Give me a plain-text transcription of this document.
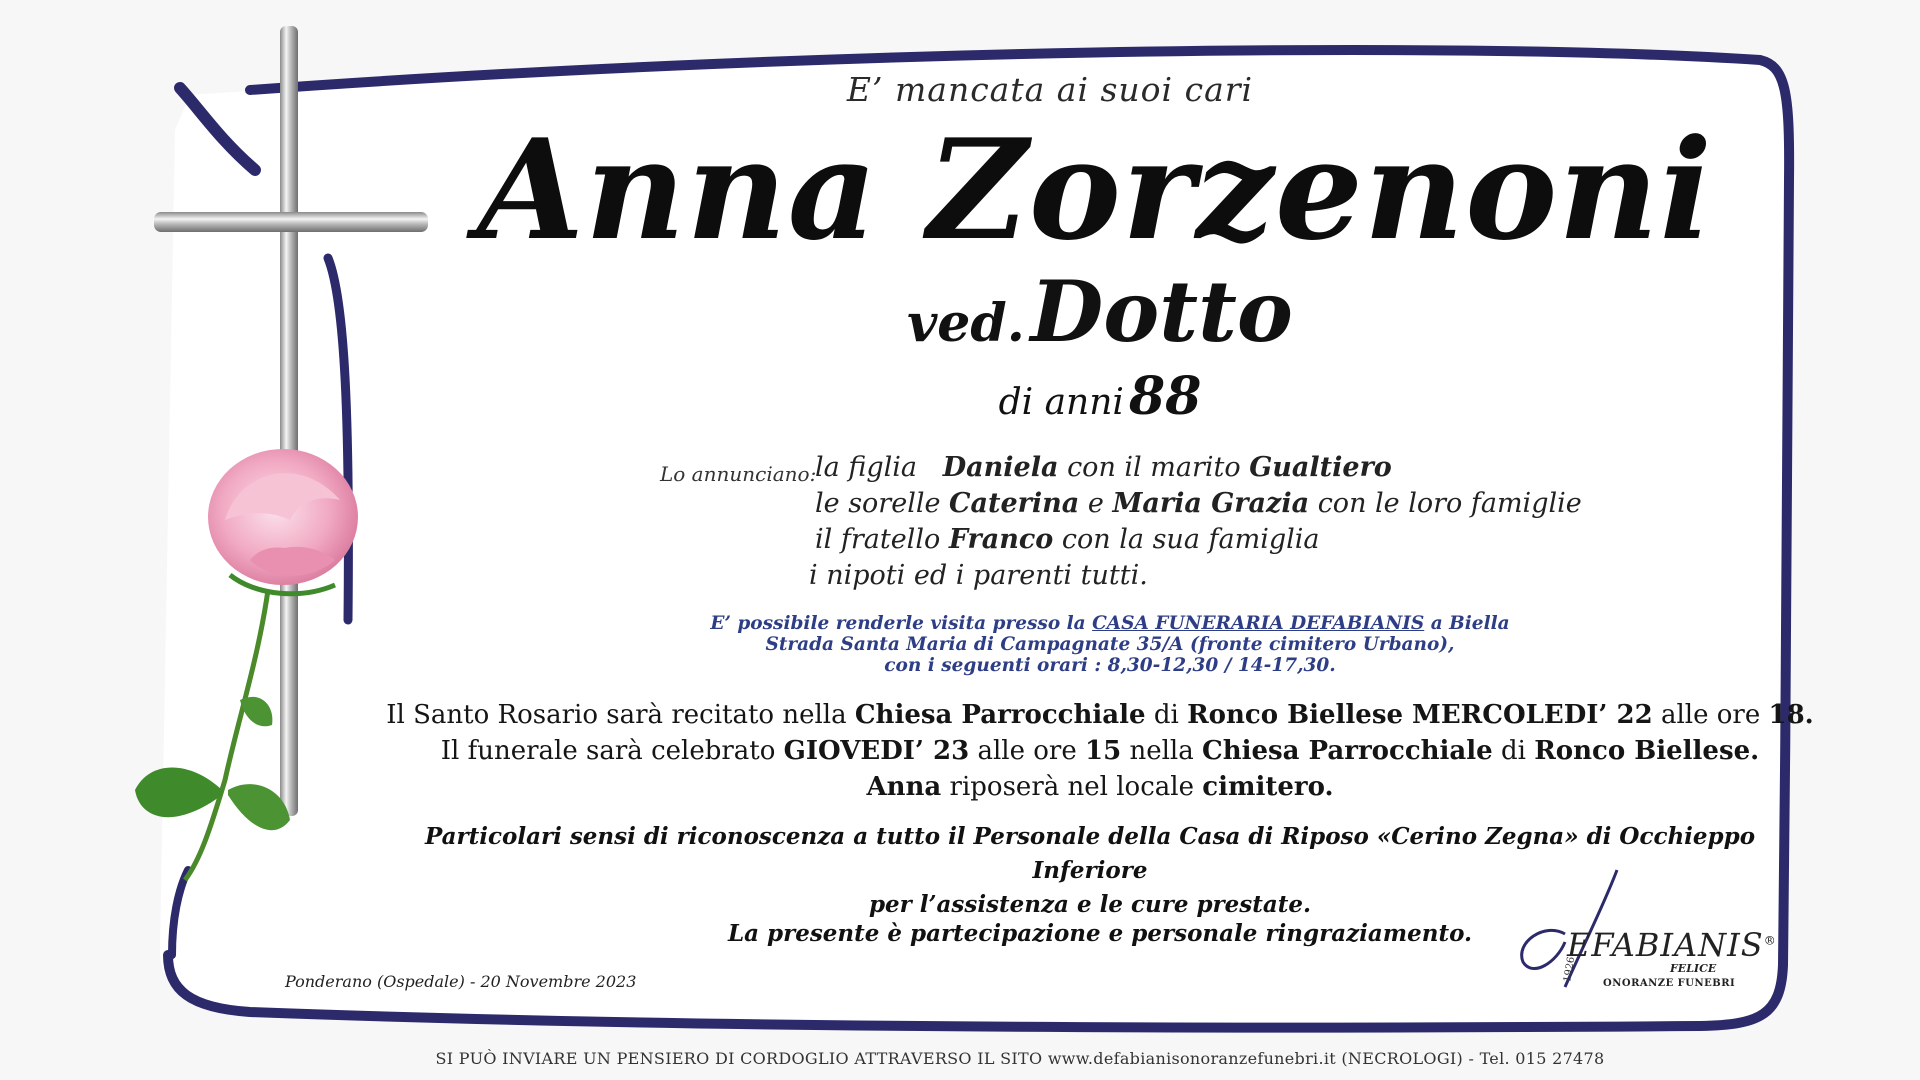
E’ mancata ai suoi cari
Anna Zorzenoni
ved. Dotto
di anni 88
Lo annunciano:
la figlia Daniela con il marito Gualtiero
le sorelle Caterina e Maria Grazia con le loro famiglie
il fratello Franco con la sua famiglia
i nipoti ed i parenti tutti.
E’ possibile renderle visita presso la CASA FUNERARIA DEFABIANIS a Biella
Strada Santa Maria di Campagnate 35/A (fronte cimitero Urbano),
con i seguenti orari : 8,30-12,30 / 14-17,30.
Il Santo Rosario sarà recitato nella Chiesa Parrocchiale di Ronco Biellese MERCOLEDI’ 22 alle ore 18.
Il funerale sarà celebrato GIOVEDI’ 23 alle ore 15 nella Chiesa Parrocchiale di Ronco Biellese.
Anna riposerà nel locale cimitero.
Particolari sensi di riconoscenza a tutto il Personale della Casa di Riposo «Cerino Zegna» di Occhieppo Inferiore
per l’assistenza e le cure prestate.
La presente è partecipazione e personale ringraziamento.
Ponderano (Ospedale) - 20 Novembre 2023
EFABIANIS®
FELICE
ONORANZE FUNEBRI
1926
SI PUÒ INVIARE UN PENSIERO DI CORDOGLIO ATTRAVERSO IL SITO www.defabianisonoranzefunebri.it (NECROLOGI) - Tel. 015 27478
